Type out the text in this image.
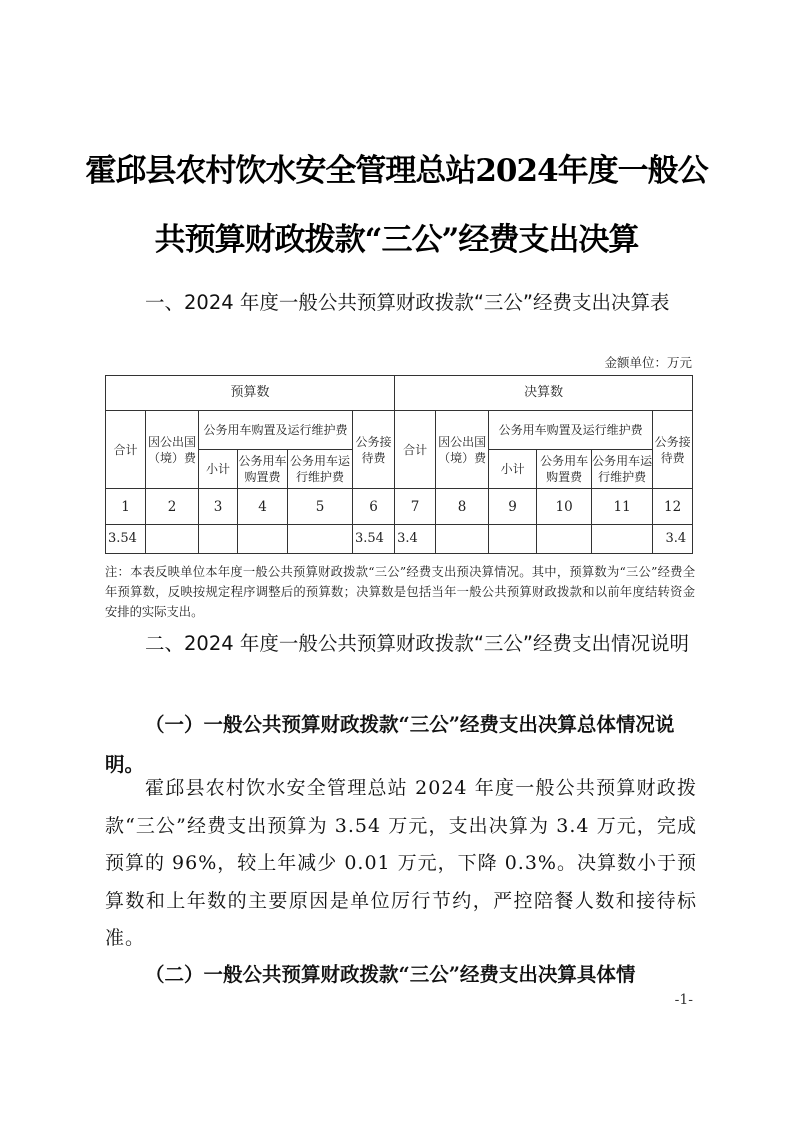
霍邱县农村饮水安全管理总站2024年度一般公
共预算财政拨款“三公”经费支出决算
一、2024 年度一般公共预算财政拨款“三公”经费支出决算表
金额单位：万元
预算数						决算数					
合计	因公出国（境）费	公务用车购置及运行维护费			公务接待费	合计	因公出国（境）费	公务用车购置及运行维护费			公务接待费
		小计	公务用车购置费	公务用车运行维护费				小计	公务用车购置费	公务用车运行维护费	
1	2	3	4	5	6	7	8	9	10	11	12
3.54					3.54	3.4					3.4
注：本表反映单位本年度一般公共预算财政拨款“三公”经费支出预决算情况。其中，预算数为“三公”经费全年预算数，反映按规定程序调整后的预算数；决算数是包括当年一般公共预算财政拨款和以前年度结转资金安排的实际支出。
二、2024 年度一般公共预算财政拨款“三公”经费支出情况说明
（一）一般公共预算财政拨款“三公”经费支出决算总体情况说明。
霍邱县农村饮水安全管理总站 2024 年度一般公共预算财政拨款“三公”经费支出预算为 3.54 万元，支出决算为 3.4 万元，完成预算的 96%，较上年减少 0.01 万元，下降 0.3%。决算数小于预算数和上年数的主要原因是单位厉行节约，严控陪餐人数和接待标准。
（二）一般公共预算财政拨款“三公”经费支出决算具体情
-1-
